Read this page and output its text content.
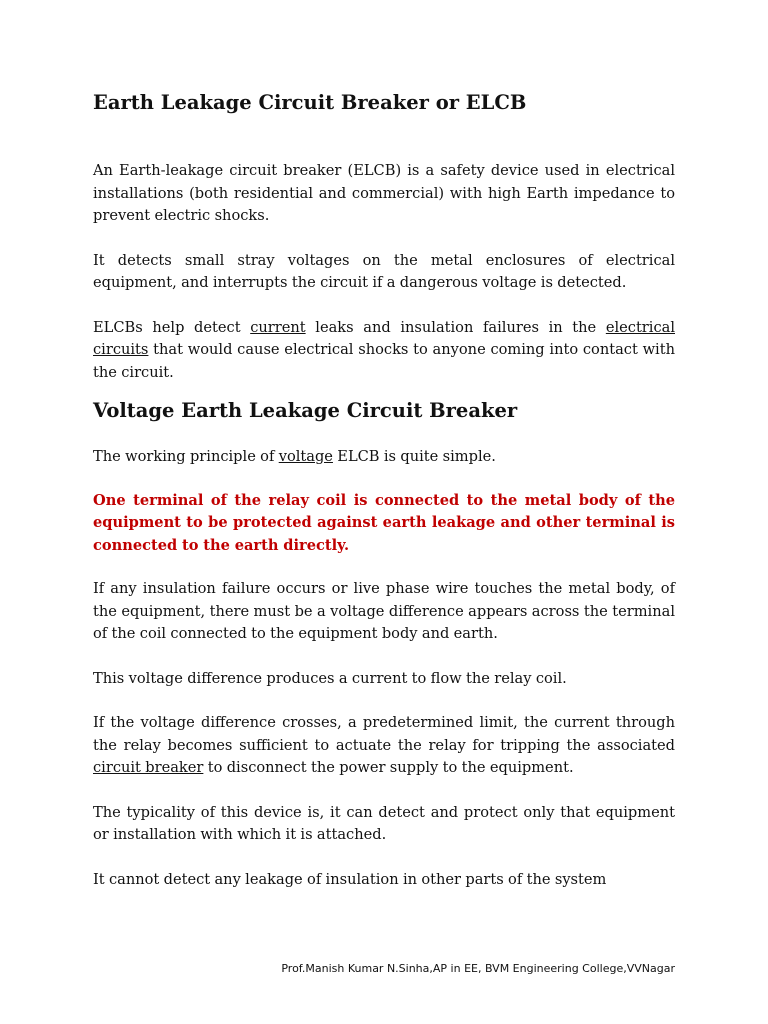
Earth Leakage Circuit Breaker or ELCB

An Earth-leakage circuit breaker (ELCB) is a safety device used in electrical installations (both residential and commercial) with high Earth impedance to prevent electric shocks.

It detects small stray voltages on the metal enclosures of electrical equipment, and interrupts the circuit if a dangerous voltage is detected.

ELCBs help detect current leaks and insulation failures in the electrical circuits that would cause electrical shocks to anyone coming into contact with the circuit.

Voltage Earth Leakage Circuit Breaker

The working principle of voltage ELCB is quite simple.

One terminal of the relay coil is connected to the metal body of the equipment to be protected against earth leakage and other terminal is connected to the earth directly.

If any insulation failure occurs or live phase wire touches the metal body, of the equipment, there must be a voltage difference appears across the terminal of the coil connected to the equipment body and earth.

This voltage difference produces a current to flow the relay coil.

If the voltage difference crosses, a predetermined limit, the current through the relay becomes sufficient to actuate the relay for tripping the associated circuit breaker to disconnect the power supply to the equipment.

The typicality of this device is, it can detect and protect only that equipment or installation with which it is attached.

It cannot detect any leakage of insulation in other parts of the system

Prof.Manish Kumar N.Sinha,AP in EE, BVM Engineering College,VVNagar
